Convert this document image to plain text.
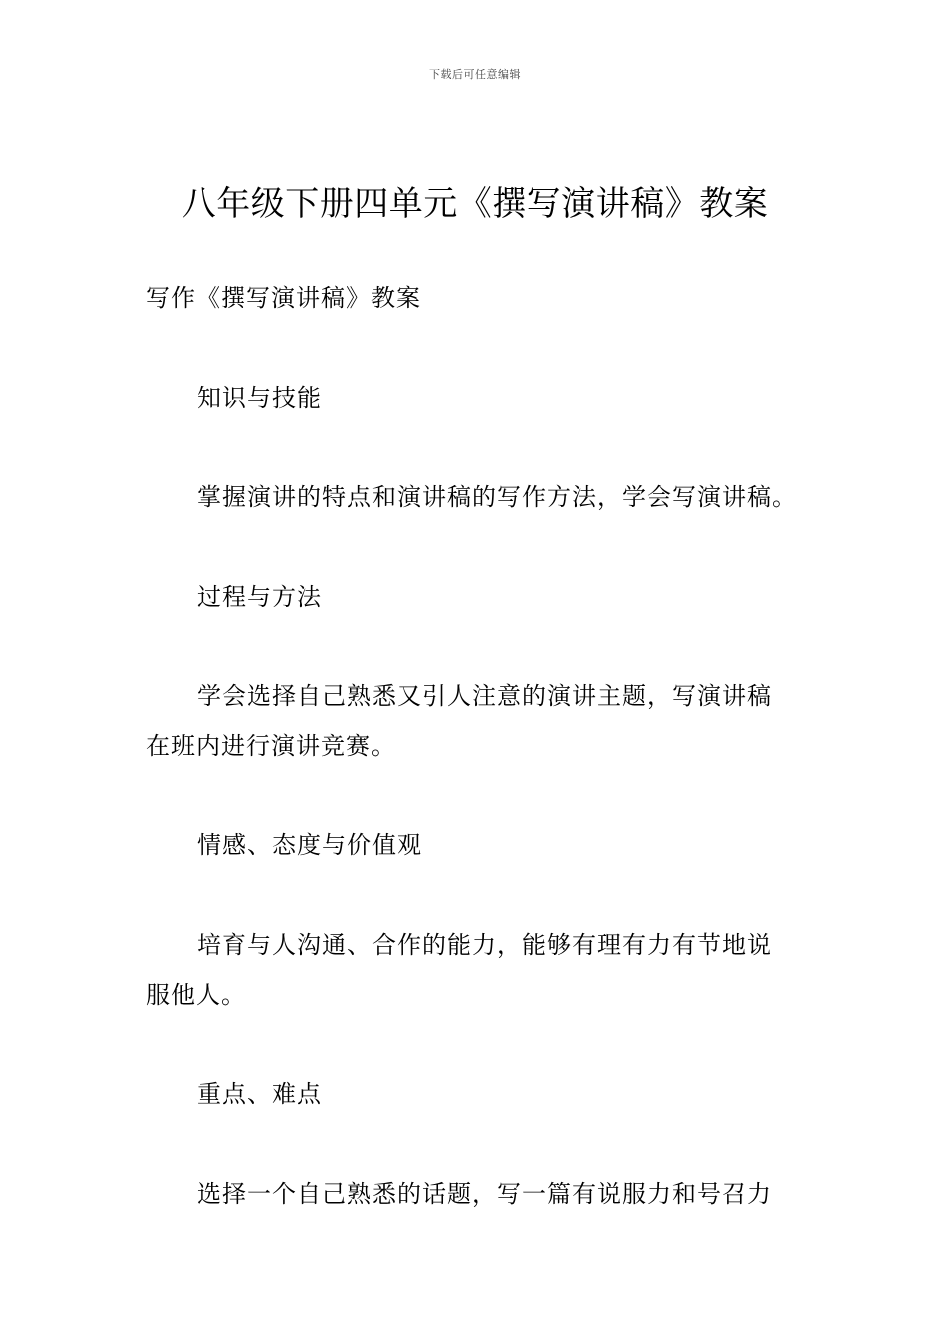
下载后可任意编辑
八年级下册四单元《撰写演讲稿》教案
写作《撰写演讲稿》教案
知识与技能
掌握演讲的特点和演讲稿的写作方法，学会写演讲稿。
过程与方法
学会选择自己熟悉又引人注意的演讲主题，写演讲稿
在班内进行演讲竞赛。
情感、态度与价值观
培育与人沟通、合作的能力，能够有理有力有节地说
服他人。
重点、难点
选择一个自己熟悉的话题，写一篇有说服力和号召力
